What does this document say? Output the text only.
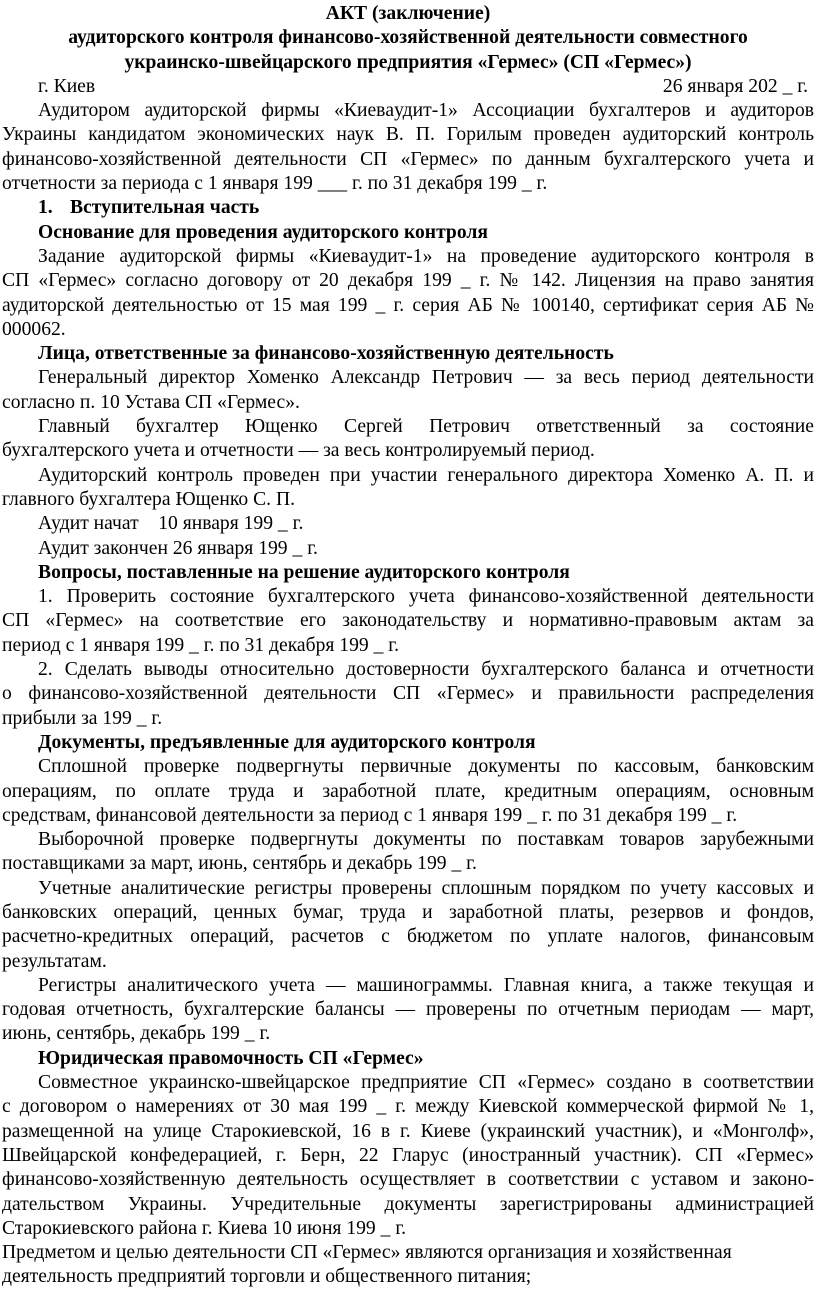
АКТ (заключение)
аудиторского контроля финансово-хозяйственной деятельности совместного
украинско-швейцарского предприятия «Гермес» (СП «Гермес»)
г. Киев	26 января 202 _ г.
Аудитором аудиторской фирмы «Киевaудит-1» Ассоциации бухгалтеров и аудиторов
Украины кандидатом экономических наук В. П. Горилым проведен аудиторский контроль
финансово-хозяйственной деятельности СП «Гермес» по данным бухгалтерского учета и
отчетности за периода с 1 января 199 ___ г. по 31 декабря 199 _ г.
1. Вступительная часть
Основание для проведения аудиторского контроля
Задание аудиторской фирмы «Киевaудит-1» на проведение аудиторского контроля в
СП «Гермес» согласно договору от 20 декабря 199 _ г. № 142. Лицензия на право занятия
аудиторской деятельностью от 15 мая 199 _ г. серия АБ № 100140, сертификат серия АБ №
000062.
Лица, ответственные за финансово-хозяйственную деятельность
Генеральный директор Хоменко Александр Петрович — за весь период деятельности
согласно п. 10 Устава СП «Гермес».
Главный бухгалтер Ющенко Сергей Петрович ответственный за состояние
бухгалтерского учета и отчетности — за весь контролируемый период.
Аудиторский контроль проведен при участии генерального директора Хоменко А. П. и
главного бухгалтера Ющенко С. П.
Аудит начат    10 января 199 _ г.
Аудит закончен 26 января 199 _ г.
Вопросы, поставленные на решение аудиторского контроля
1. Проверить состояние бухгалтерского учета финансово-хозяйственной деятельности
СП «Гермес» на соответствие его законодательству и нормативно-правовым актам за
период с 1 января 199 _ г. по 31 декабря 199 _ г.
2. Сделать выводы относительно достоверности бухгалтерского баланса и отчетности
о финансово-хозяйственной деятельности СП «Гермес» и правильности распределения
прибыли за 199 _ г.
Документы, предъявленные для аудиторского контроля
Сплошной проверке подвергнуты первичные документы по кассовым, банковским
операциям, по оплате труда и заработной плате, кредитным операциям, основным
средствам, финансовой деятельности за период с 1 января 199 _ г. по 31 декабря 199 _ г.
Выборочной проверке подвергнуты документы по поставкам товаров зарубежными
поставщиками за март, июнь, сентябрь и декабрь 199 _ г.
Учетные аналитические регистры проверены сплошным порядком по учету кассовых и
банковских операций, ценных бумаг, труда и заработной платы, резервов и фондов,
расчетно-кредитных операций, расчетов с бюджетом по уплате налогов, финансовым
результатам.
Регистры аналитического учета — машинограммы. Главная книга, а также текущая и
годовая отчетность, бухгалтерские балансы — проверены по отчетным периодам — март,
июнь, сентябрь, декабрь 199 _ г.
Юридическая правомочность СП «Гермес»
Совместное украинско-швейцарское предприятие СП «Гермес» создано в соответствии
с договором о намерениях от 30 мая 199 _ г. между Киевской коммерческой фирмой № 1,
размещенной на улице Старокиевской, 16 в г. Киеве (украинский участник), и «Монголф»,
Швейцарской конфедерацией, г. Берн, 22 Гларус (иностранный участник). СП «Гермес»
финансово-хозяйственную деятельность осуществляет в соответствии с уставом и законо-
дательством Украины. Учредительные документы зарегистрированы администрацией
Старокиевского района г. Киева 10 июня 199 _ г.
Предметом и целью деятельности СП «Гермес» являются организация и хозяйственная
деятельность предприятий торговли и общественного питания;
